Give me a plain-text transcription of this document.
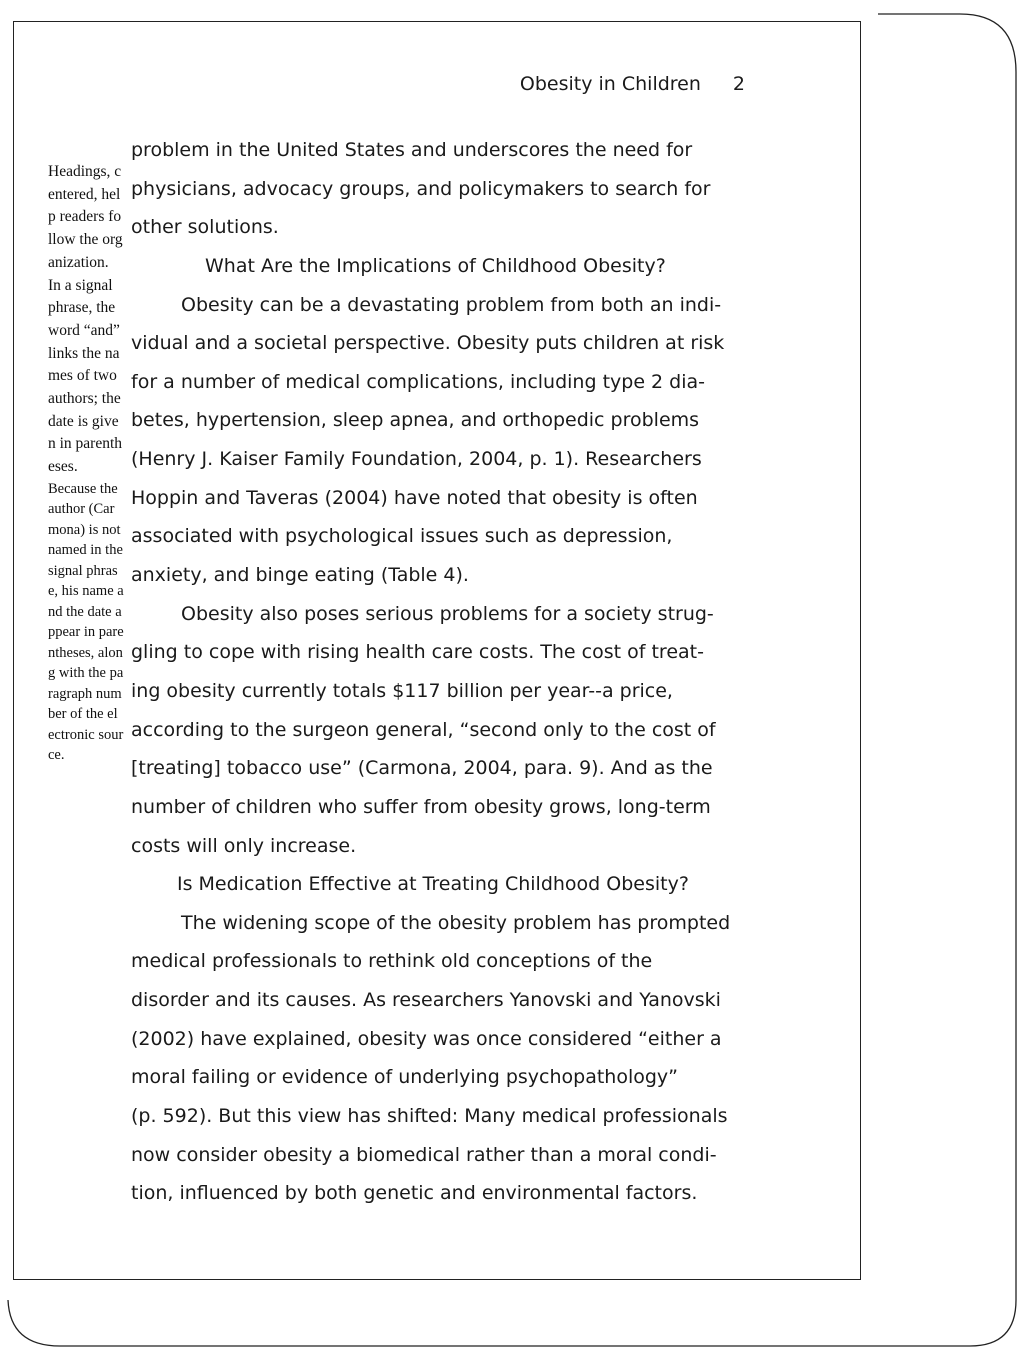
Obesity in Children 2
Headings, centered, help readers follow the organization.
In a signal phrase, the word “and” links the names of two authors; the date is given in parentheses.
Because the author (Carmona) is not named in the signal phrase, his name and the date appear in parentheses, along with the paragraph number of the electronic source.
problem in the United States and underscores the need for
physicians, advocacy groups, and policymakers to search for
other solutions.
What Are the Implications of Childhood Obesity?
Obesity can be a devastating problem from both an indi-
vidual and a societal perspective. Obesity puts children at risk
for a number of medical complications, including type 2 dia-
betes, hypertension, sleep apnea, and orthopedic problems
(Henry J. Kaiser Family Foundation, 2004, p. 1). Researchers
Hoppin and Taveras (2004) have noted that obesity is often
associated with psychological issues such as depression,
anxiety, and binge eating (Table 4).
Obesity also poses serious problems for a society strug-
gling to cope with rising health care costs. The cost of treat-
ing obesity currently totals $117 billion per year--a price,
according to the surgeon general, “second only to the cost of
[treating] tobacco use” (Carmona, 2004, para. 9). And as the
number of children who suffer from obesity grows, long-term
costs will only increase.
Is Medication Effective at Treating Childhood Obesity?
The widening scope of the obesity problem has prompted
medical professionals to rethink old conceptions of the
disorder and its causes. As researchers Yanovski and Yanovski
(2002) have explained, obesity was once considered “either a
moral failing or evidence of underlying psychopathology”
(p. 592). But this view has shifted: Many medical professionals
now consider obesity a biomedical rather than a moral condi-
tion, influenced by both genetic and environmental factors.
